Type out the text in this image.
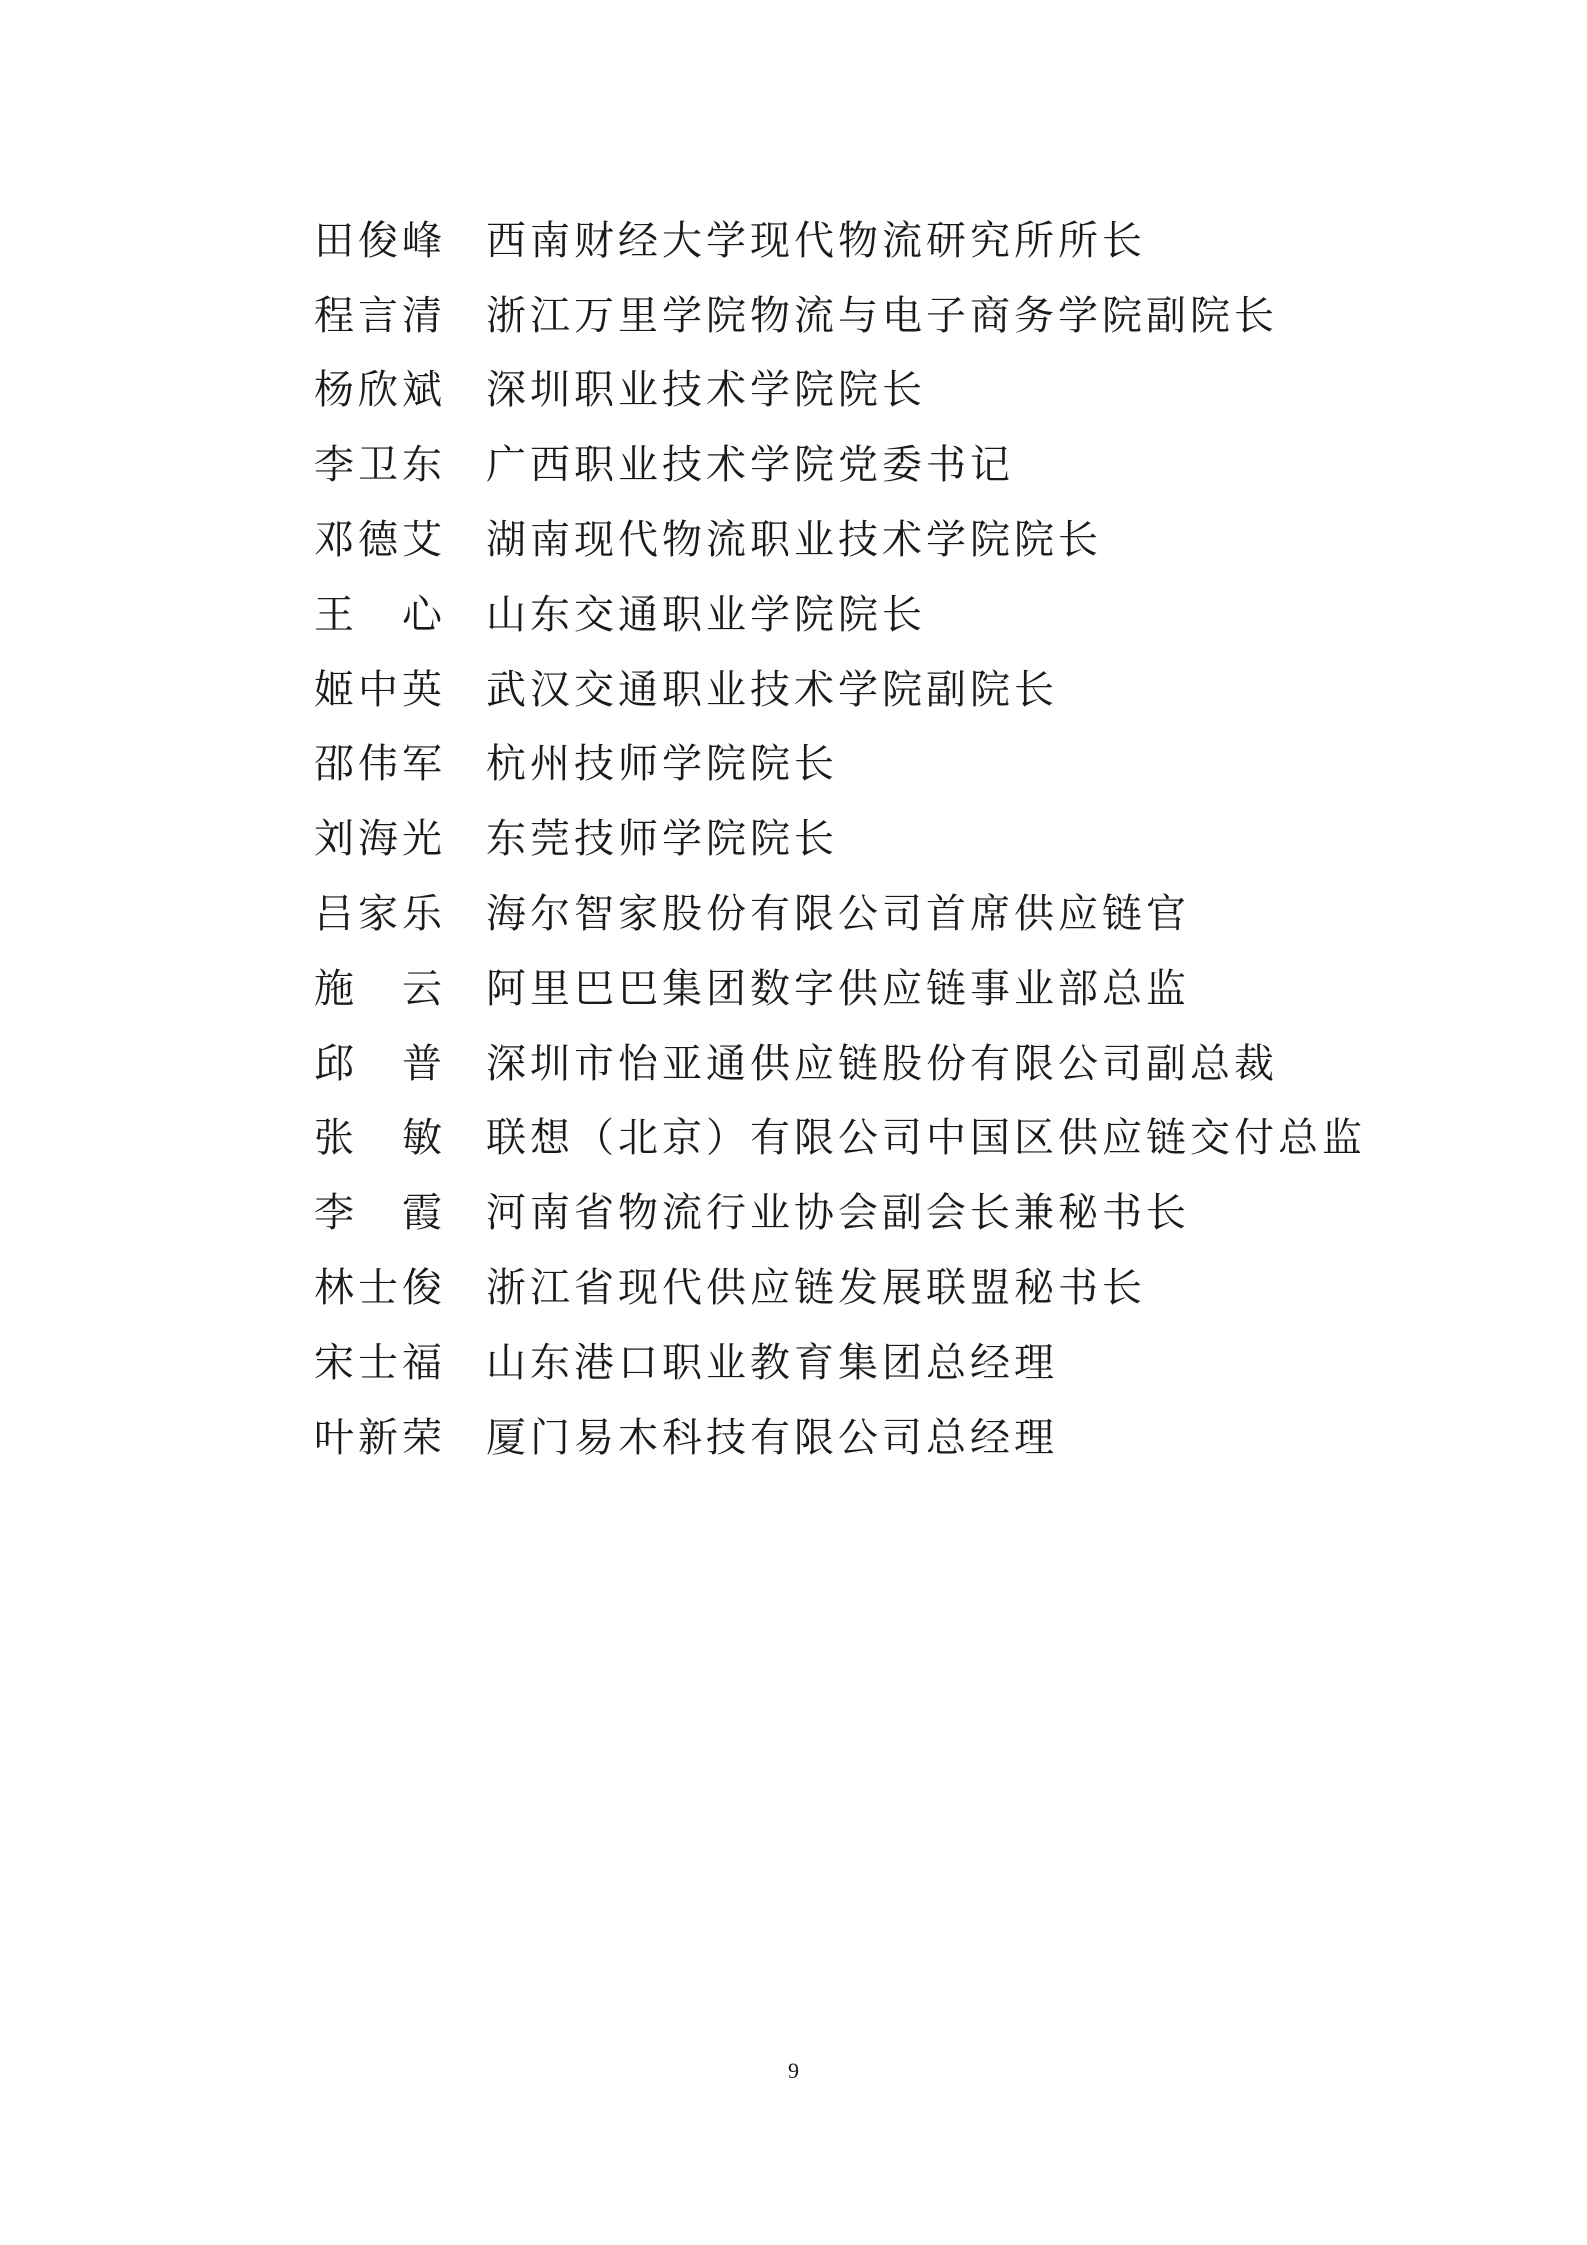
田俊峰	西南财经大学现代物流研究所所长
程言清	浙江万里学院物流与电子商务学院副院长
杨欣斌	深圳职业技术学院院长
李卫东	广西职业技术学院党委书记
邓德艾	湖南现代物流职业技术学院院长
王　心	山东交通职业学院院长
姬中英	武汉交通职业技术学院副院长
邵伟军	杭州技师学院院长
刘海光	东莞技师学院院长
吕家乐	海尔智家股份有限公司首席供应链官
施　云	阿里巴巴集团数字供应链事业部总监
邱　普	深圳市怡亚通供应链股份有限公司副总裁
张　敏	联想（北京）有限公司中国区供应链交付总监
李　霞	河南省物流行业协会副会长兼秘书长
林士俊	浙江省现代供应链发展联盟秘书长
宋士福	山东港口职业教育集团总经理
叶新荣	厦门易木科技有限公司总经理
9
